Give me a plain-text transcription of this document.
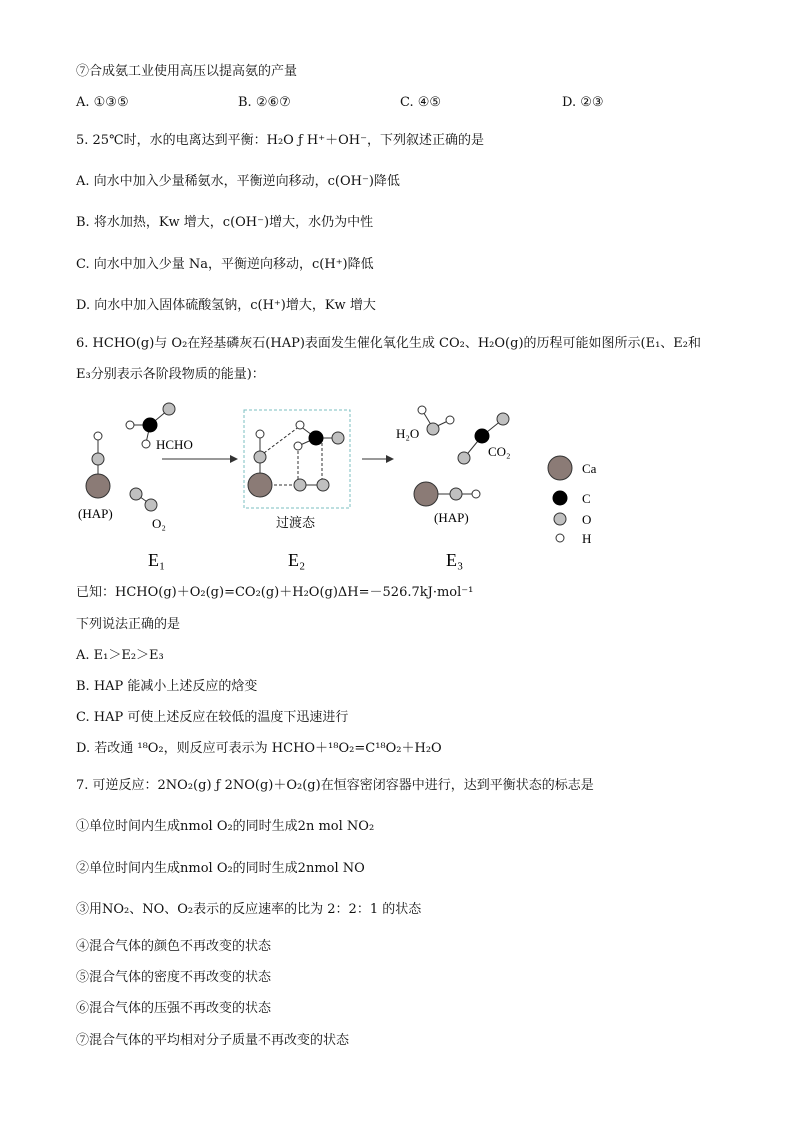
⑦合成氨工业使用高压以提高氨的产量
A. ①③⑤	B. ②⑥⑦	C. ④⑤	D. ②③
5. 25℃时，水的电离达到平衡：H₂O ƒ H⁺＋OH⁻，下列叙述正确的是
A. 向水中加入少量稀氨水，平衡逆向移动，c(OH⁻)降低
B. 将水加热，Kw 增大，c(OH⁻)增大，水仍为中性
C. 向水中加入少量 Na，平衡逆向移动，c(H⁺)降低
D. 向水中加入固体硫酸氢钠，c(H⁺)增大，Kw 增大
6. HCHO(g)与 O₂在羟基磷灰石(HAP)表面发生催化氧化生成 CO₂、H₂O(g)的历程可能如图所示(E₁、E₂和
E₃分别表示各阶段物质的能量)：
HCHO
O₂
(HAP)
E₁
过渡态
E₂
H₂O
CO₂
(HAP)
E₃
Ca
C
O
H
已知：HCHO(g)＋O₂(g)=CO₂(g)＋H₂O(g)ΔH=－526.7kJ·mol⁻¹
下列说法正确的是
A. E₁＞E₂＞E₃
B. HAP 能减小上述反应的焓变
C. HAP 可使上述反应在较低的温度下迅速进行
D. 若改通 ¹⁸O₂，则反应可表示为 HCHO＋¹⁸O₂=C¹⁸O₂＋H₂O
7. 可逆反应：2NO₂(g) ƒ 2NO(g)＋O₂(g)在恒容密闭容器中进行，达到平衡状态的标志是
①单位时间内生成nmol O₂的同时生成2n mol NO₂
②单位时间内生成nmol O₂的同时生成2nmol NO
③用NO₂、NO、O₂表示的反应速率的比为 2：2：1 的状态
④混合气体的颜色不再改变的状态
⑤混合气体的密度不再改变的状态
⑥混合气体的压强不再改变的状态
⑦混合气体的平均相对分子质量不再改变的状态
